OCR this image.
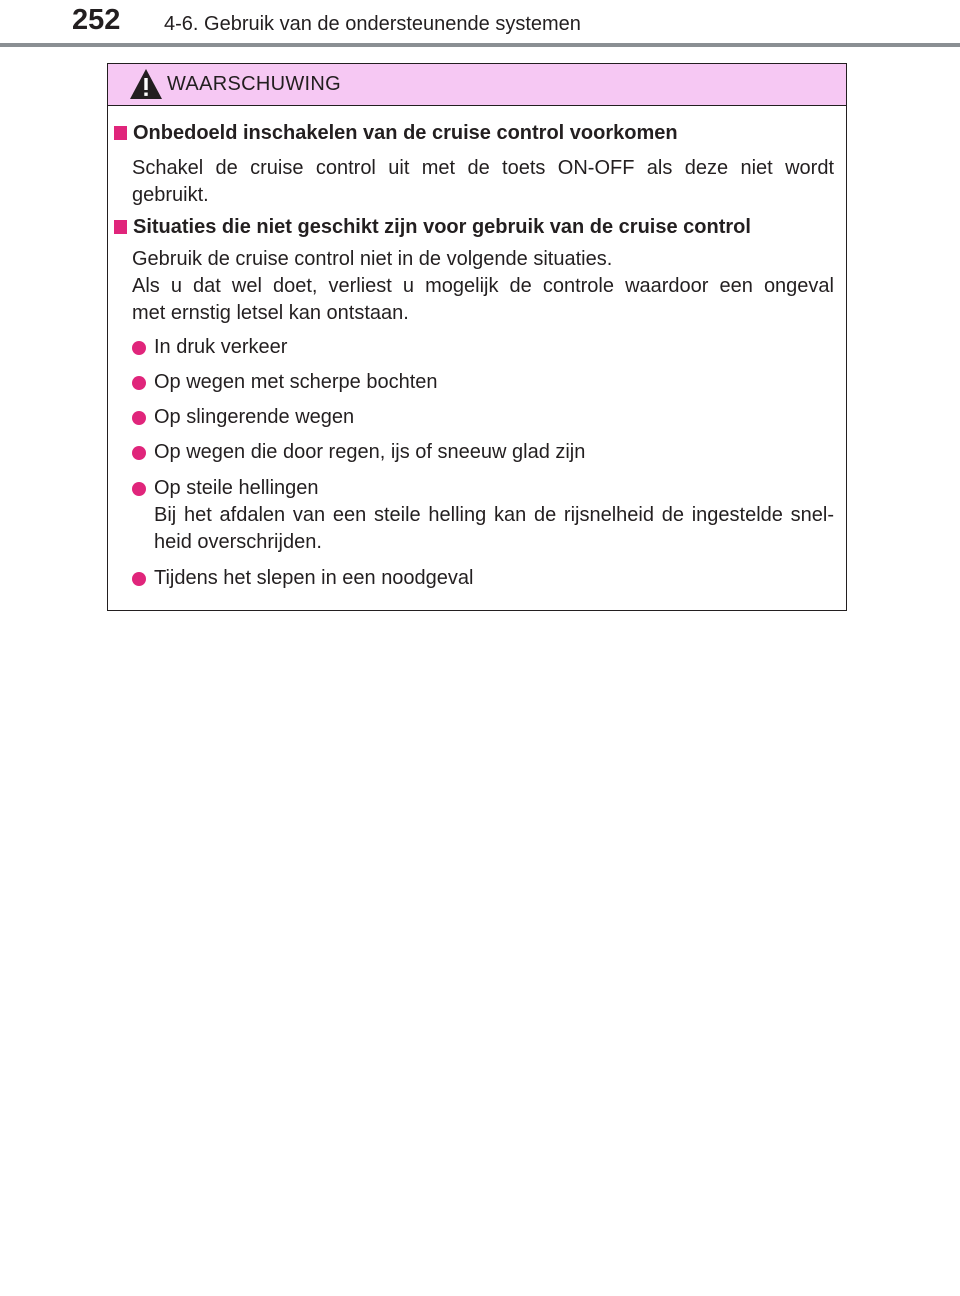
252 4-6. Gebruik van de ondersteunende systemen
WAARSCHUWING
Onbedoeld inschakelen van de cruise control voorkomen
Schakel de cruise control uit met de toets ON-OFF als deze niet wordt
gebruikt.
Situaties die niet geschikt zijn voor gebruik van de cruise control
Gebruik de cruise control niet in de volgende situaties.
Als u dat wel doet, verliest u mogelijk de controle waardoor een ongeval
met ernstig letsel kan ontstaan.
In druk verkeer
Op wegen met scherpe bochten
Op slingerende wegen
Op wegen die door regen, ijs of sneeuw glad zijn
Op steile hellingen
Bij het afdalen van een steile helling kan de rijsnelheid de ingestelde snel-
heid overschrijden.
Tijdens het slepen in een noodgeval
